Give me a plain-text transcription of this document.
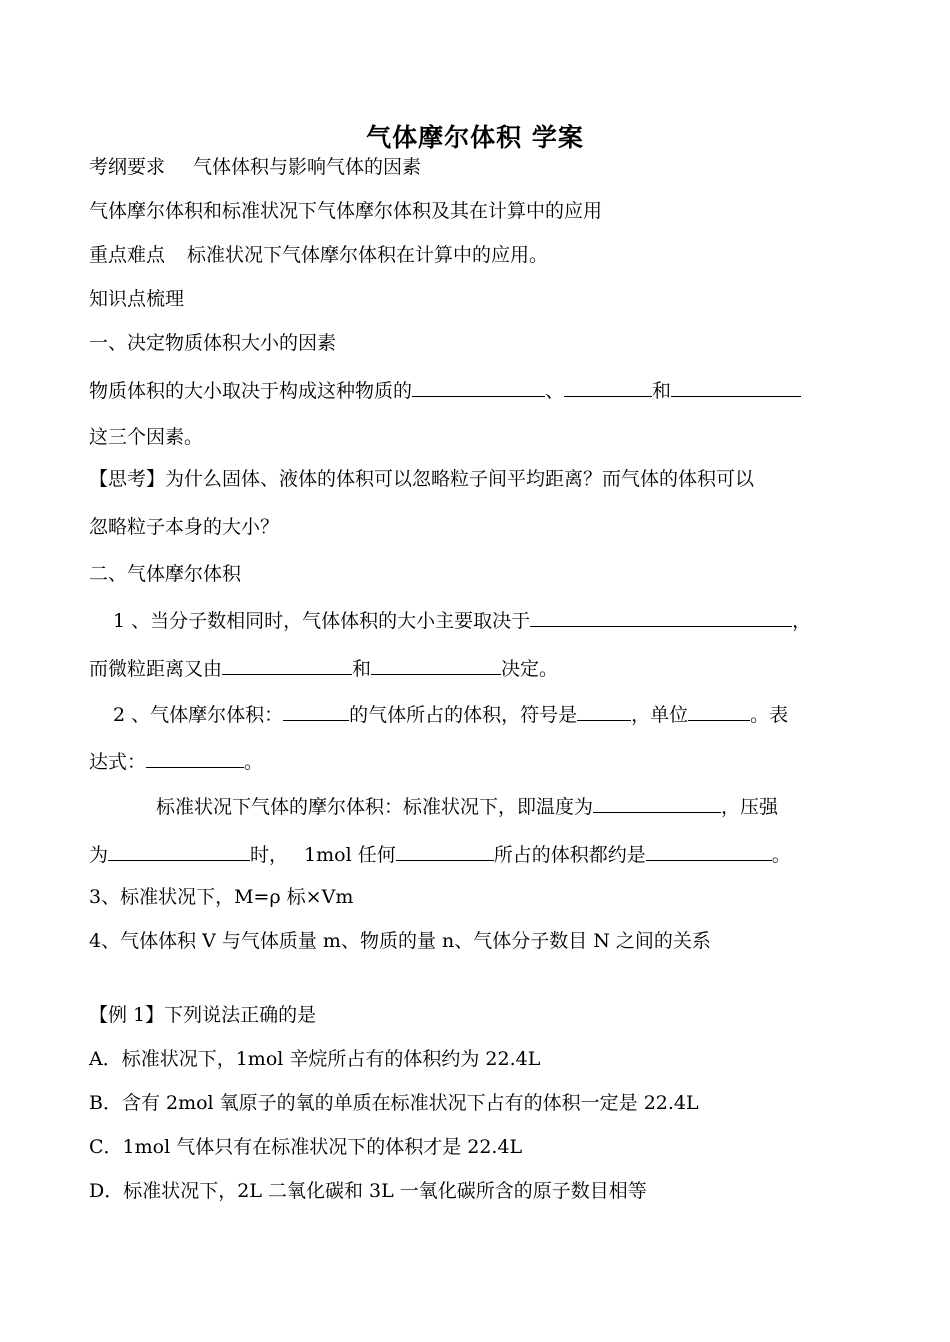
气体摩尔体积 学案
考纲要求 气体体积与影响气体的因素
气体摩尔体积和标准状况下气体摩尔体积及其在计算中的应用
重点难点 标准状况下气体摩尔体积在计算中的应用。
知识点梳理
一、决定物质体积大小的因素
物质体积的大小取决于构成这种物质的	、	和
这三个因素。
【思考】为什么固体、液体的体积可以忽略粒子间平均距离？而气体的体积可以
忽略粒子本身的大小？
二、气体摩尔体积
1 、当分子数相同时，气体体积的大小主要取决于	，
而微粒距离又由	和	决定。
2 、气体摩尔体积：	的气体所占的体积，符号是	，单位	。表
达式：	。
标准状况下气体的摩尔体积：标准状况下，即温度为	，压强
为	时， 1mol 任何	所占的体积都约是	。
3、标准状况下，M=ρ 标×Vm
4、气体体积 V 与气体质量 m、物质的量 n、气体分子数目 N 之间的关系
【例 1】下列说法正确的是
A．标准状况下，1mol 辛烷所占有的体积约为 22.4L
B．含有 2mol 氧原子的氧的单质在标准状况下占有的体积一定是 22.4L
C．1mol 气体只有在标准状况下的体积才是 22.4L
D．标准状况下，2L 二氧化碳和 3L 一氧化碳所含的原子数目相等
